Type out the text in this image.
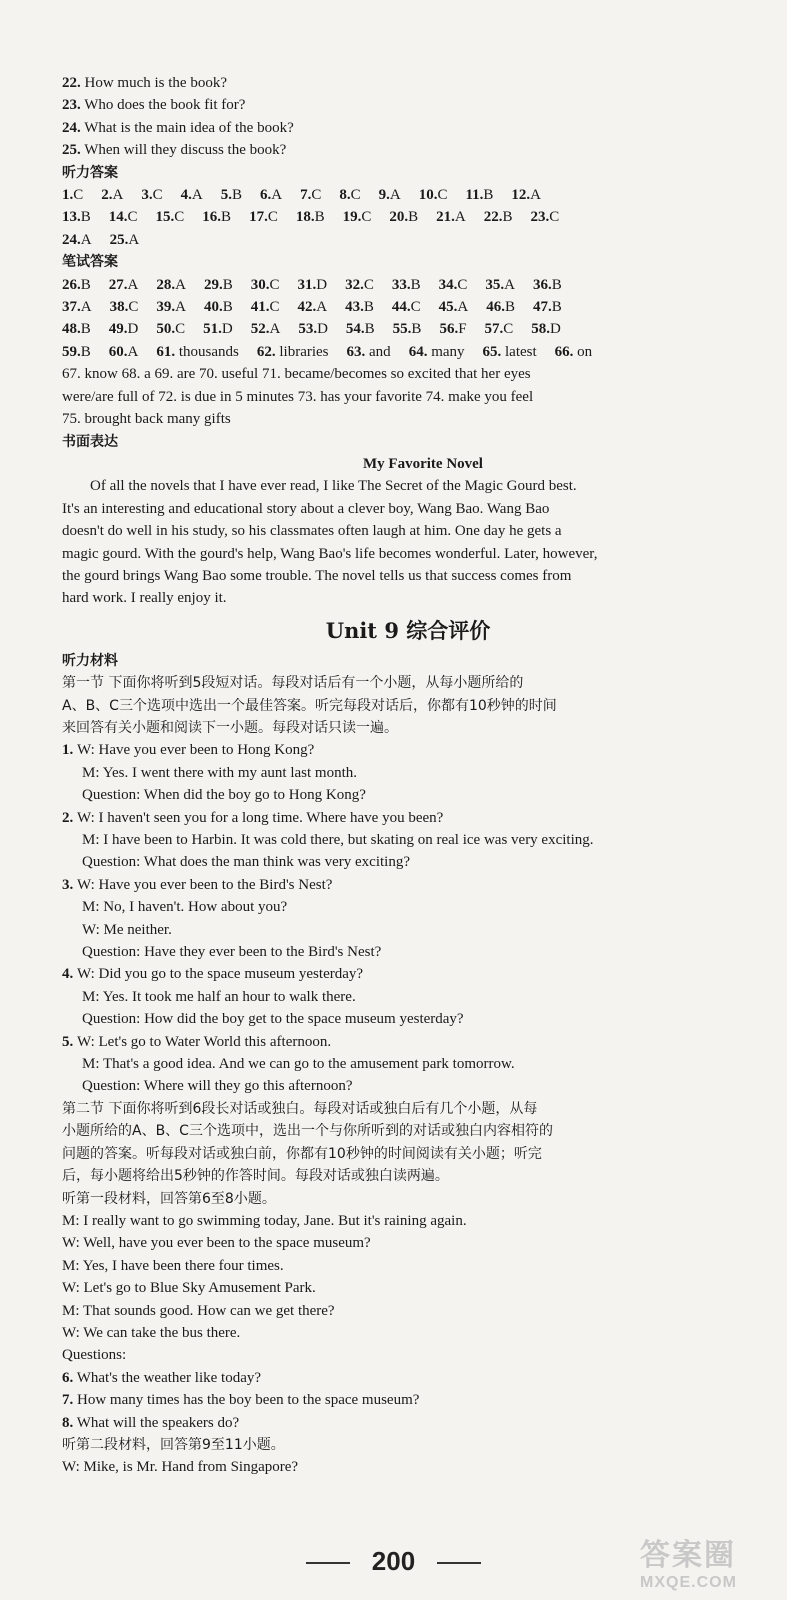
22. How much is the book?
23. Who does the book fit for?
24. What is the main idea of the book?
25. When will they discuss the book?
听力答案
1.C 2.A 3.C 4.A 5.B 6.A 7.C 8.C 9.A 10.C 11.B 12.A
13.B 14.C 15.C 16.B 17.C 18.B 19.C 20.B 21.A 22.B 23.C
24.A 25.A
笔试答案
26.B 27.A 28.A 29.B 30.C 31.D 32.C 33.B 34.C 35.A 36.B
37.A 38.C 39.A 40.B 41.C 42.A 43.B 44.C 45.A 46.B 47.B
48.B 49.D 50.C 51.D 52.A 53.D 54.B 55.B 56.F 57.C 58.D
59.B 60.A 61. thousands 62. libraries 63. and 64. many 65. latest 66. on
67. know 68. a 69. are 70. useful 71. became/becomes so excited that her eyes
were/are full of 72. is due in 5 minutes 73. has your favorite 74. make you feel
75. brought back many gifts
书面表达
My Favorite Novel
Of all the novels that I have ever read, I like The Secret of the Magic Gourd best.
It's an interesting and educational story about a clever boy, Wang Bao. Wang Bao
doesn't do well in his study, so his classmates often laugh at him. One day he gets a
magic gourd. With the gourd's help, Wang Bao's life becomes wonderful. Later, however,
the gourd brings Wang Bao some trouble. The novel tells us that success comes from
hard work. I really enjoy it.
Unit 9 综合评价
听力材料
第一节 下面你将听到5段短对话。每段对话后有一个小题，从每小题所给的
A、B、C三个选项中选出一个最佳答案。听完每段对话后，你都有10秒钟的时间
来回答有关小题和阅读下一小题。每段对话只读一遍。
1. W: Have you ever been to Hong Kong?
M: Yes. I went there with my aunt last month.
Question: When did the boy go to Hong Kong?
2. W: I haven't seen you for a long time. Where have you been?
M: I have been to Harbin. It was cold there, but skating on real ice was very exciting.
Question: What does the man think was very exciting?
3. W: Have you ever been to the Bird's Nest?
M: No, I haven't. How about you?
W: Me neither.
Question: Have they ever been to the Bird's Nest?
4. W: Did you go to the space museum yesterday?
M: Yes. It took me half an hour to walk there.
Question: How did the boy get to the space museum yesterday?
5. W: Let's go to Water World this afternoon.
M: That's a good idea. And we can go to the amusement park tomorrow.
Question: Where will they go this afternoon?
第二节 下面你将听到6段长对话或独白。每段对话或独白后有几个小题，从每
小题所给的A、B、C三个选项中，选出一个与你所听到的对话或独白内容相符的
问题的答案。听每段对话或独白前，你都有10秒钟的时间阅读有关小题；听完
后，每小题将给出5秒钟的作答时间。每段对话或独白读两遍。
听第一段材料，回答第6至8小题。
M: I really want to go swimming today, Jane. But it's raining again.
W: Well, have you ever been to the space museum?
M: Yes, I have been there four times.
W: Let's go to Blue Sky Amusement Park.
M: That sounds good. How can we get there?
W: We can take the bus there.
Questions:
6. What's the weather like today?
7. How many times has the boy been to the space museum?
8. What will the speakers do?
听第二段材料，回答第9至11小题。
W: Mike, is Mr. Hand from Singapore?
200	答案圈
MXQE.COM
